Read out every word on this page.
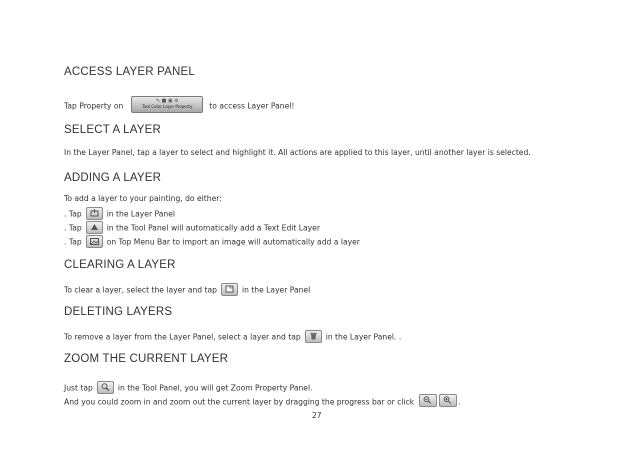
ACCESS LAYER PANEL
Tap Property on
✎ ■ ▣ ⚙
Tool Color Layer Property	to access Layer Panel!
SELECT A LAYER
In the Layer Panel, tap a layer to select and highlight it. All actions are applied to this layer, until another layer is selected.
ADDING A LAYER
To add a layer to your painting, do either:
. Tap	in the Layer Panel
. Tap	in the Tool Panel will automatically add a Text Edit Layer
. Tap	on Top Menu Bar to import an image will automatically add a layer
CLEARING A LAYER
To clear a layer, select the layer and tap	in the Layer Panel
DELETING LAYERS
To remove a layer from the Layer Panel, select a layer and tap	in the Layer Panel. .
ZOOM THE CURRENT LAYER
Just tap	in the Tool Panel, you will get Zoom Property Panel.
And you could zoom in and zoom out the current layer by dragging the progress bar or click	.
27
